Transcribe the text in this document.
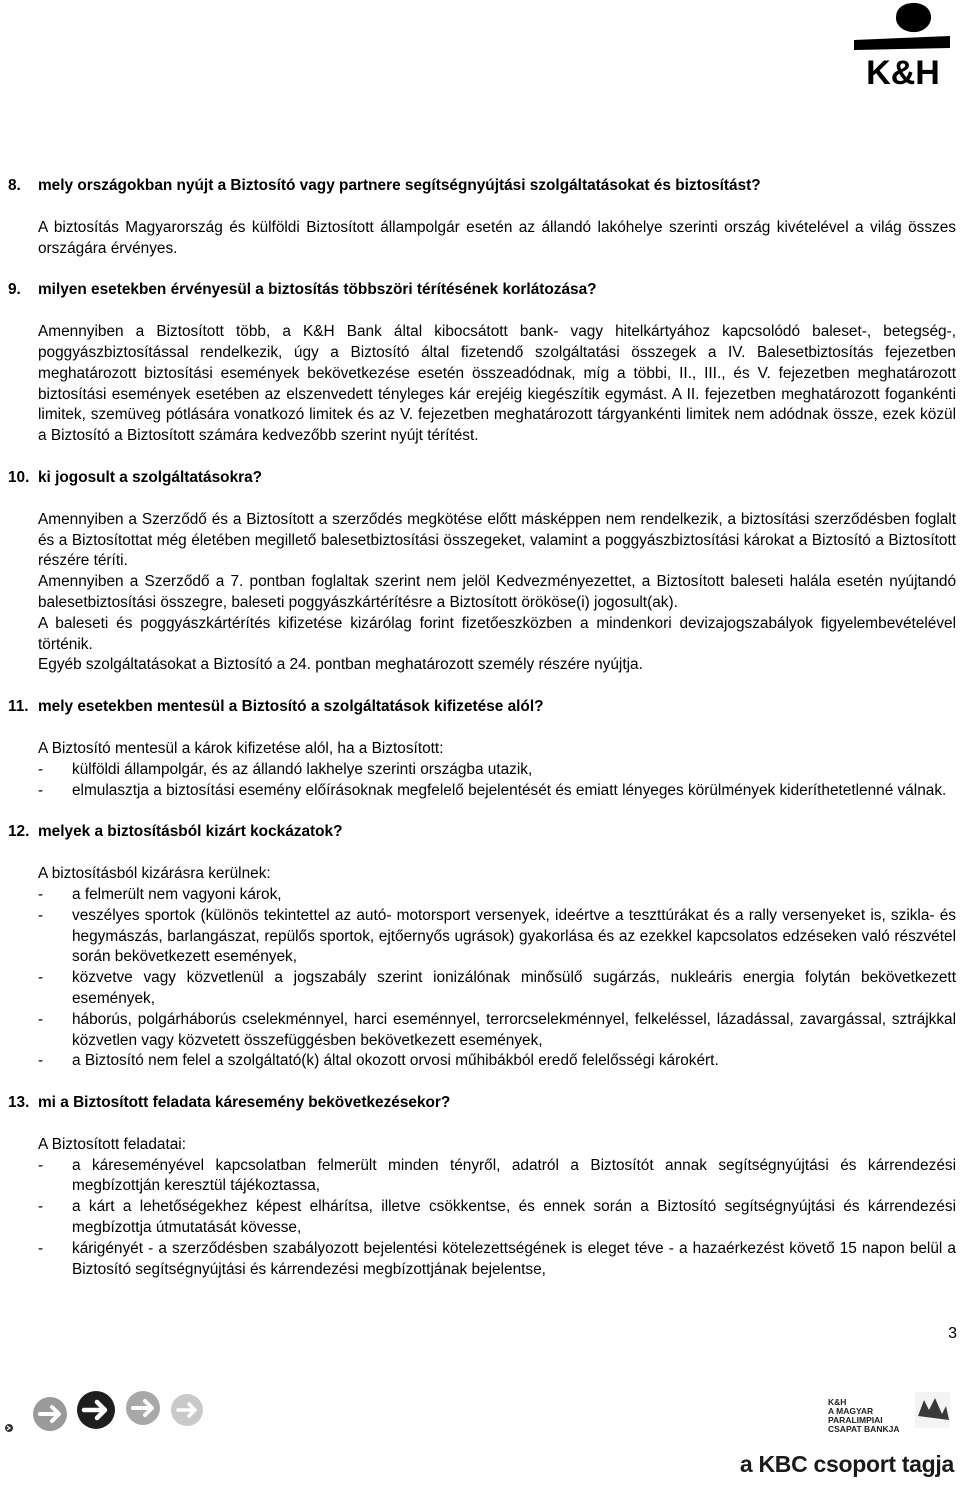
K&H
8. mely országokban nyújt a Biztosító vagy partnere segítségnyújtási szolgáltatásokat és biztosítást?

A biztosítás Magyarország és külföldi Biztosított állampolgár esetén az állandó lakóhelye szerinti ország kivételével a világ összes országára érvényes.

9. milyen esetekben érvényesül a biztosítás többszöri térítésének korlátozása?

Amennyiben a Biztosított több, a K&H Bank által kibocsátott bank- vagy hitelkártyához kapcsolódó baleset-, betegség-, poggyászbiztosítással rendelkezik, úgy a Biztosító által fizetendő szolgáltatási összegek a IV. Balesetbiztosítás fejezetben meghatározott biztosítási események bekövetkezése esetén összeadódnak, míg a többi, II., III., és V. fejezetben meghatározott biztosítási események esetében az elszenvedett tényleges kár erejéig kiegészítik egymást. A II. fejezetben meghatározott fogankénti limitek, szemüveg pótlására vonatkozó limitek és az V. fejezetben meghatározott tárgyankénti limitek nem adódnak össze, ezek közül a Biztosító a Biztosított számára kedvezőbb szerint nyújt térítést.

10. ki jogosult a szolgáltatásokra?

Amennyiben a Szerződő és a Biztosított a szerződés megkötése előtt másképpen nem rendelkezik, a biztosítási szerződésben foglalt és a Biztosítottat még életében megillető balesetbiztosítási összegeket, valamint a poggyászbiztosítási károkat a Biztosító a Biztosított részére téríti.

Amennyiben a Szerződő a 7. pontban foglaltak szerint nem jelöl Kedvezményezettet, a Biztosított baleseti halála esetén nyújtandó balesetbiztosítási összegre, baleseti poggyászkártérítésre a Biztosított örököse(i) jogosult(ak).

A baleseti és poggyászkártérítés kifizetése kizárólag forint fizetőeszközben a mindenkori devizajogszabályok figyelembevételével történik.

Egyéb szolgáltatásokat a Biztosító a 24. pontban meghatározott személy részére nyújtja.

11. mely esetekben mentesül a Biztosító a szolgáltatások kifizetése alól?

A Biztosító mentesül a károk kifizetése alól, ha a Biztosított:

- külföldi állampolgár, és az állandó lakhelye szerinti országba utazik,
- elmulasztja a biztosítási esemény előírásoknak megfelelő bejelentését és emiatt lényeges körülmények kideríthetetlenné válnak.
12. melyek a biztosításból kizárt kockázatok?

A biztosításból kizárásra kerülnek:

- a felmerült nem vagyoni károk,
- veszélyes sportok (különös tekintettel az autó- motorsport versenyek, ideértve a teszttúrákat és a rally versenyeket is, szikla- és hegymászás, barlangászat, repülős sportok, ejtőernyős ugrások) gyakorlása és az ezekkel kapcsolatos edzéseken való részvétel során bekövetkezett események,
- közvetve vagy közvetlenül a jogszabály szerint ionizálónak minősülő sugárzás, nukleáris energia folytán bekövetkezett események,
- háborús, polgárháborús cselekménnyel, harci eseménnyel, terrorcselekménnyel, felkeléssel, lázadással, zavargással, sztrájkkal közvetlen vagy közvetett összefüggésben bekövetkezett események,
- a Biztosító nem felel a szolgáltató(k) által okozott orvosi műhibákból eredő felelősségi károkért.
13. mi a Biztosított feladata káresemény bekövetkezésekor?

A Biztosított feladatai:

- a káreseményével kapcsolatban felmerült minden tényről, adatról a Biztosítót annak segítségnyújtási és kárrendezési megbízottján keresztül tájékoztassa,
- a kárt a lehetőségekhez képest elhárítsa, illetve csökkentse, és ennek során a Biztosító segítségnyújtási és kárrendezési megbízottja útmutatását kövesse,
- kárigényét - a szerződésben szabályozott bejelentési kötelezettségének is eleget téve - a hazaérkezést követő 15 napon belül a Biztosító segítségnyújtási és kárrendezési megbízottjának bejelentse,
3
K&H
A MAGYAR
PARALIMPIAI
CSAPAT BANKJA
a KBC csoport tagja
